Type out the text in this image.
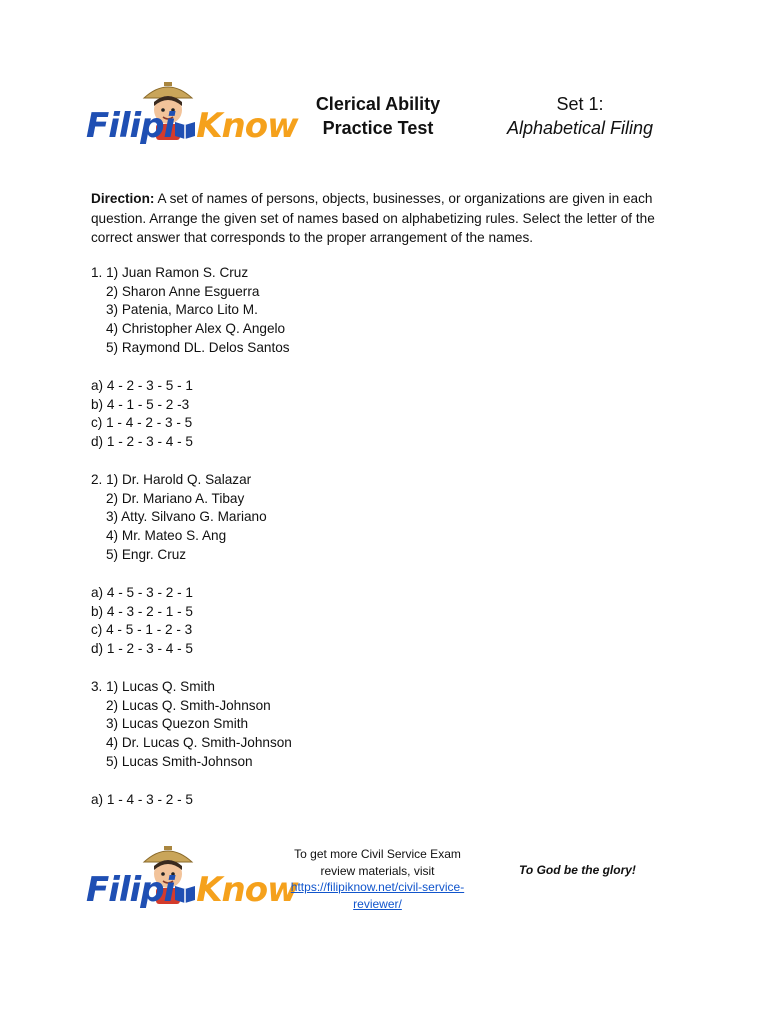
Filipi Know
Clerical Ability
Practice Test
Set 1:
Alphabetical Filing
Direction: A set of names of persons, objects, businesses, or organizations are given in each question. Arrange the given set of names based on alphabetizing rules. Select the letter of the correct answer that corresponds to the proper arrangement of the names.
1. 1) Juan Ramon S. Cruz
2) Sharon Anne Esguerra
3) Patenia, Marco Lito M.
4) Christopher Alex Q. Angelo
5) Raymond DL. Delos Santos
a) 4 - 2 - 3 - 5 - 1
b) 4 - 1 - 5 - 2 -3
c) 1 - 4 - 2 - 3 - 5
d) 1 - 2 - 3 - 4 - 5
2. 1) Dr. Harold Q. Salazar
2) Dr. Mariano A. Tibay
3) Atty. Silvano G. Mariano
4) Mr. Mateo S. Ang
5) Engr. Cruz
a) 4 - 5 - 3 - 2 - 1
b) 4 - 3 - 2 - 1 - 5
c) 4 - 5 - 1 - 2 - 3
d) 1 - 2 - 3 - 4 - 5
3. 1) Lucas Q. Smith
2) Lucas Q. Smith-Johnson
3) Lucas Quezon Smith
4) Dr. Lucas Q. Smith-Johnson
5) Lucas Smith-Johnson
a) 1 - 4 - 3 - 2 - 5
Filipi Know
To get more Civil Service Exam
review materials, visit
https://filipiknow.net/civil-service-
reviewer/
To God be the glory!
